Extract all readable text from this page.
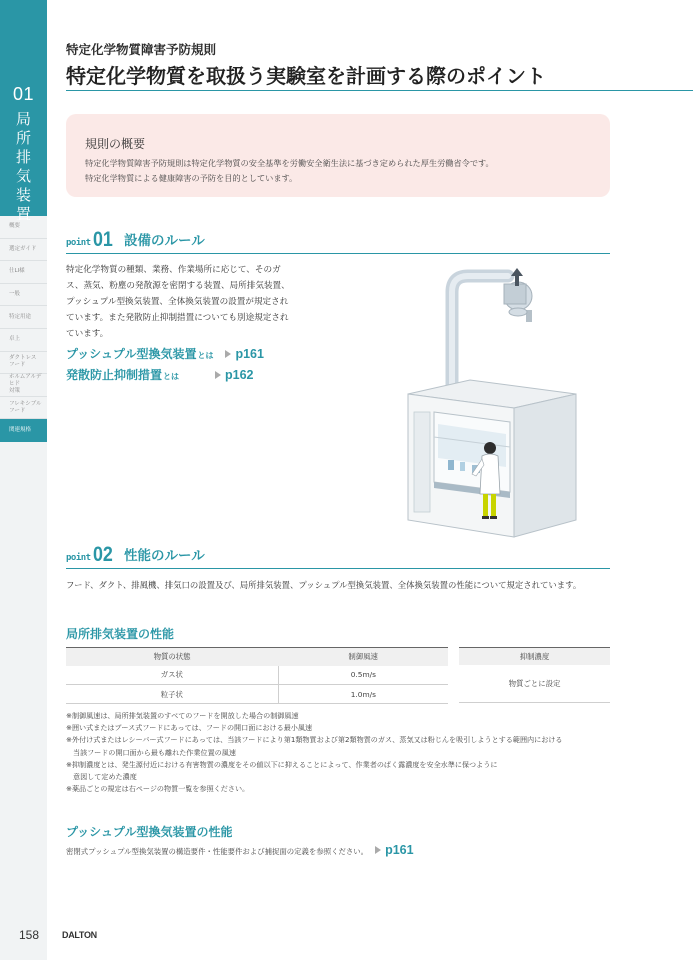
01
局
所
排
気
装
置
概要
選定ガイド
仕LI様
一般
特定用途
卓上
ダクトレス
フード
ホルムアルデヒド
対策
フレキシブル
フード
関連規格
特定化学物質障害予防規則
特定化学物質を取扱う実験室を計画する際のポイント
規則の概要

特定化学物質障害予防規則は特定化学物質の安全基準を労働安全衛生法に基づき定められた厚生労働省令です。

特定化学物質による健康障害の予防を目的としています。

point 01 設備のルール
特定化学物質の種類、業務、作業場所に応じて、そのガス、蒸気、粉塵の発散源を密閉する装置、局所排気装置、プッシュプル型換気装置、全体換気装置の設置が規定されています。また発散防止抑制措置についても別途規定されています。
プッシュプル型換気装置 とは p161
発散防止抑制措置 とは	p162
point 02 性能のルール
フード、ダクト、排風機、排気口の設置及び、局所排気装置、プッシュプル型換気装置、全体換気装置の性能について規定されています。
局所排気装置の性能
物質の状態	制御風速
ガス状	0.5m/s
粒子状	1.0m/s
抑制濃度
物質ごとに設定
※制御風速は、局所排気装置のすべてのフードを開放した場合の制御風速
※囲い式またはブース式フードにあっては、フードの開口面における最小風速
※外付け式またはレシーバー式フードにあっては、当該フードにより第1類物質および第2類物質のガス、蒸気又は粉じんを吸引しようとする範囲内における
当該フードの開口面から最も離れた作業位置の風速
※抑制濃度とは、発生源付近における有害物質の濃度をその値以下に抑えることによって、作業者のばく露濃度を安全水準に保つように
意図して定めた濃度
※薬品ごとの規定は右ページの物質一覧を参照ください。
プッシュプル型換気装置の性能
密閉式プッシュプル型換気装置の構造要件・性能要件および捕捉面の定義を参照ください。 p161
158	DALTON
